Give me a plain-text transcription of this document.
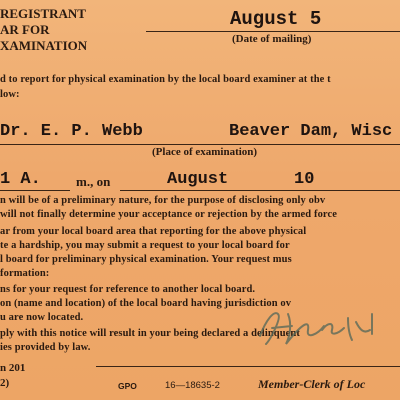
REGISTRANT
AR FOR
XAMINATION
August 5
(Date of mailing)
d to report for physical examination by the local board examiner at the t
low:
Dr. E. P. Webb	Beaver Dam, Wisc
(Place of examination)
1 A.	m., on	August	10
n will be of a preliminary nature, for the purpose of disclosing only obv
will not finally determine your acceptance or rejection by the armed force
ar from your local board area that reporting for the above physical
te a hardship, you may submit a request to your local board for
l board for preliminary physical examination. Your request mus
formation:
ns for your request for reference to another local board.
on (name and location) of the local board having jurisdiction ov
u are now located.
ply with this notice will result in your being declared a delinquent
ies provided by law.
n 201
2)	GPO	16—18635-2	Member-Clerk of Loc
